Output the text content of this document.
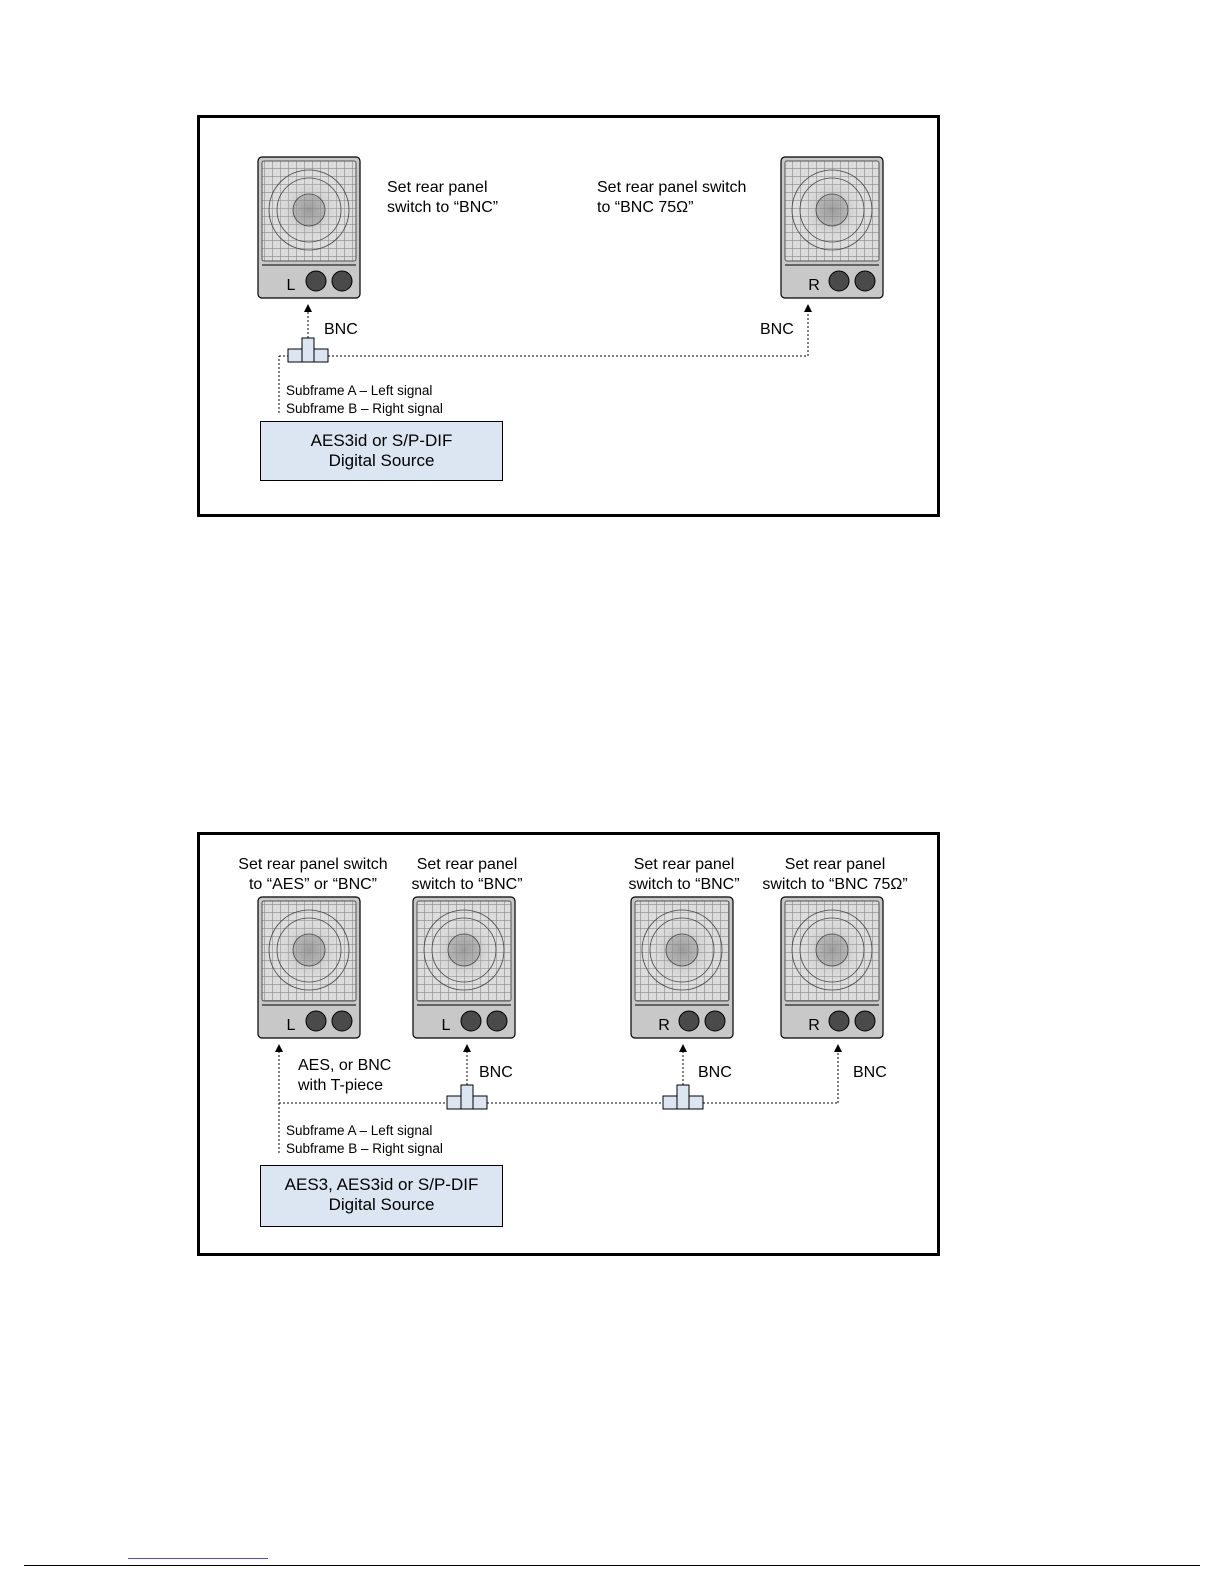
L	R
L	L	R	R
Set rear panel
switch to “BNC”
Set rear panel switch
to “BNC 75Ω”
BNC	BNC
Subframe A – Left signal
Subframe B – Right signal
AES3id or S/P-DIF
Digital Source
Set rear panel switch
to “AES” or “BNC”
Set rear panel
switch to “BNC”
Set rear panel
switch to “BNC”
Set rear panel
switch to “BNC 75Ω”
AES, or BNC
with T-piece
BNC	BNC	BNC
Subframe A – Left signal
Subframe B – Right signal
AES3, AES3id or S/P-DIF
Digital Source
